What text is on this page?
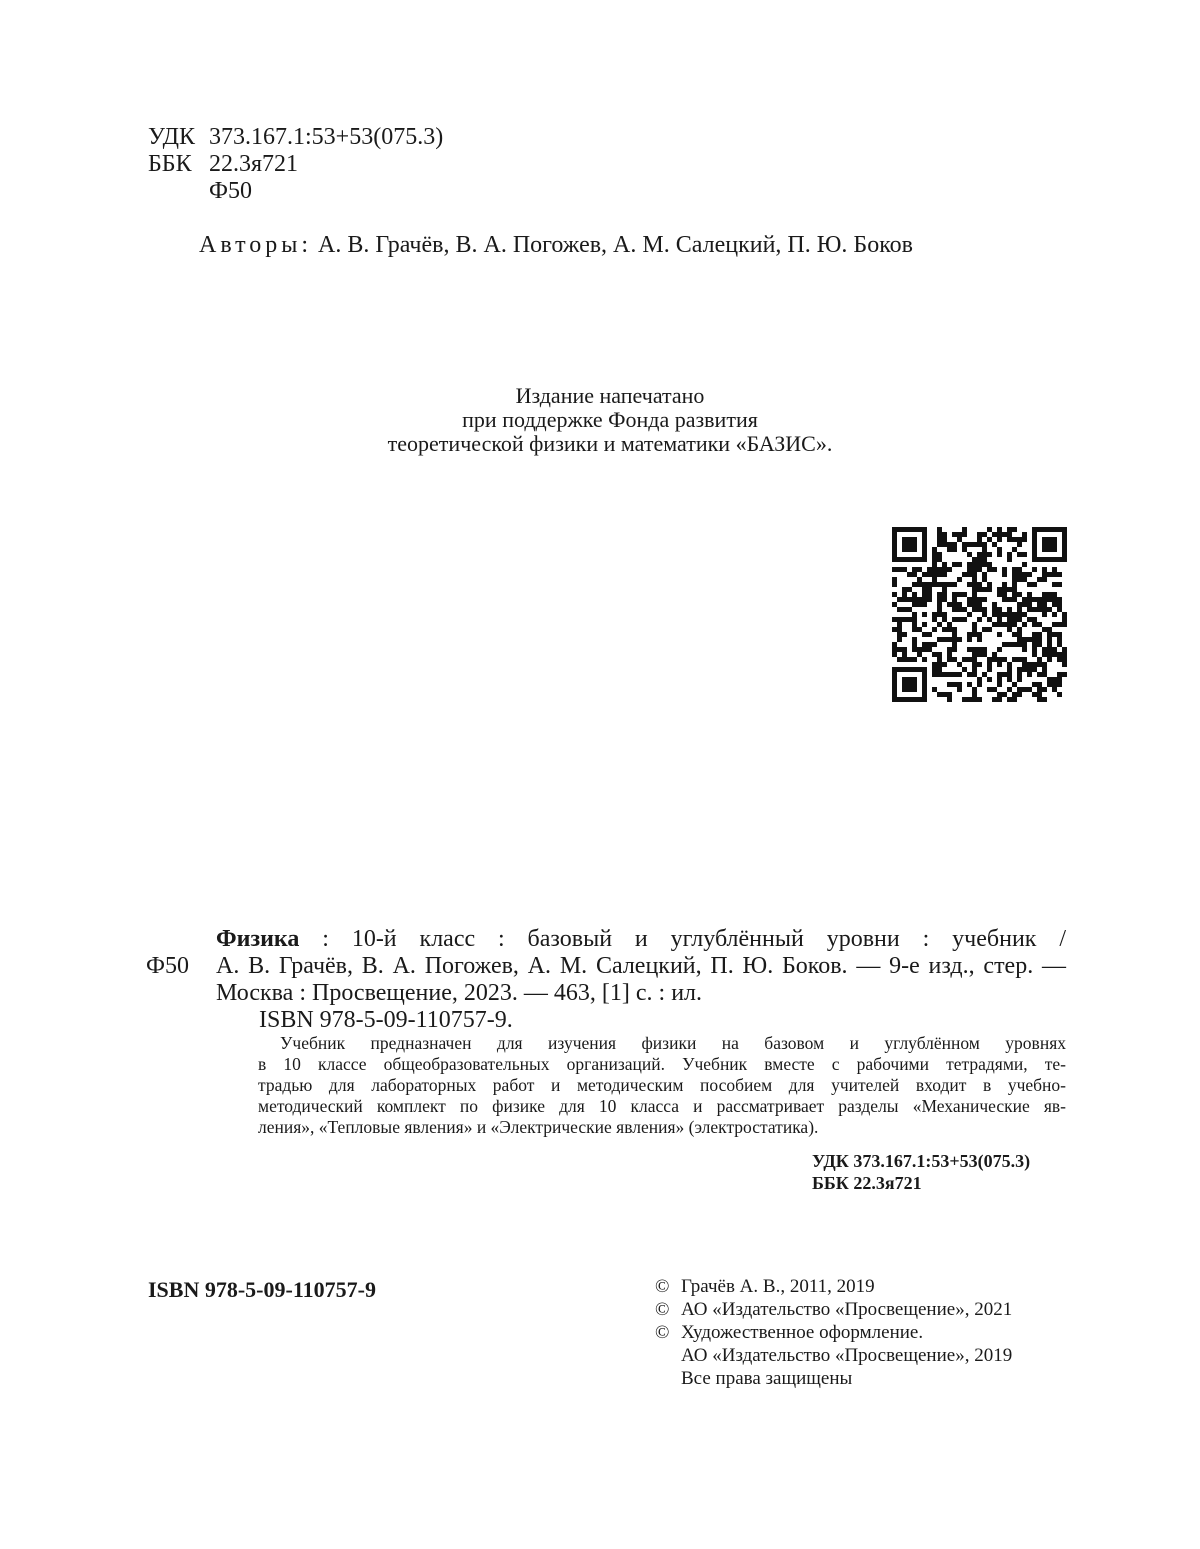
УДК 373.167.1:53+53(075.3)
ББК 22.3я721
Ф50
Авторы: А. В. Грачёв, В. А. Погожев, А. М. Салецкий, П. Ю. Боков
Издание напечатано
при поддержке Фонда развития
теоретической физики и математики «БАЗИС».
Ф50
Физика : 10-й класс : базовый и углублённый уровни : учебник /
А. В. Грачёв, В. А. Погожев, А. М. Салецкий, П. Ю. Боков. — 9-е изд., стер. —
Москва : Просвещение, 2023. — 463, [1] с. : ил.
ISBN 978-5-09-110757-9.
Учебник предназначен для изучения физики на базовом и углублённом уровнях
в 10 классе общеобразовательных организаций. Учебник вместе с рабочими тетрадями, те-
традью для лабораторных работ и методическим пособием для учителей входит в учебно-
методический комплект по физике для 10 класса и рассматривает разделы «Механические яв-
ления», «Тепловые явления» и «Электрические явления» (электростатика).
УДК 373.167.1:53+53(075.3)
ББК 22.3я721
ISBN 978-5-09-110757-9	© Грачёв А. В., 2011, 2019
© АО «Издательство «Просвещение», 2021
© Художественное оформление.
АО «Издательство «Просвещение», 2019
Все права защищены
